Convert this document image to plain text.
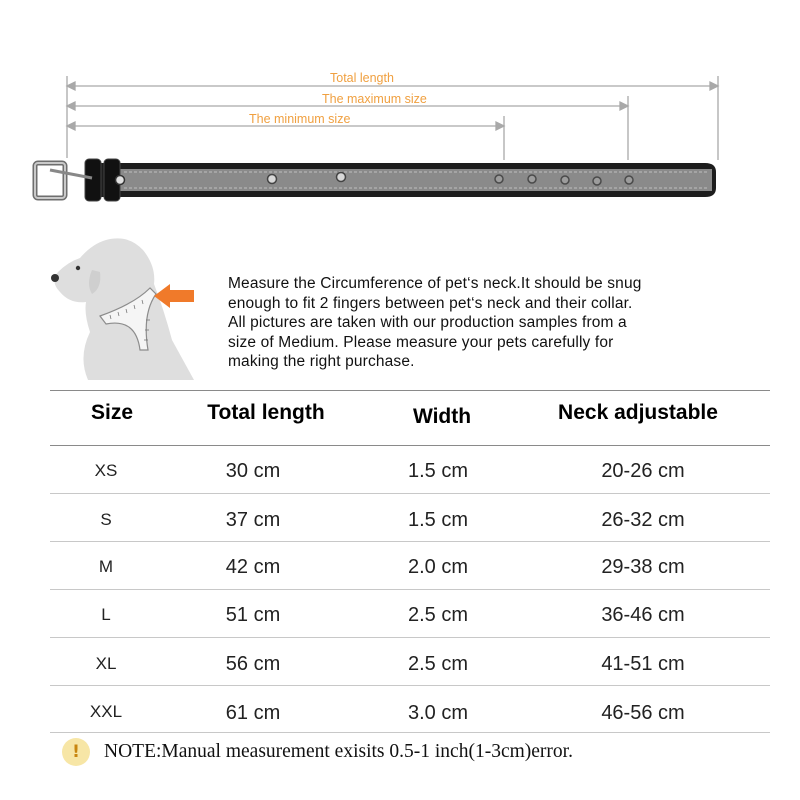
Total length
The maximum size
The minimum size

Measure the Circumference of pet‘s neck.It should be snug

enough to fit 2 fingers between pet‘s neck and their collar.

All pictures are taken with our production samples from a

size of Medium. Please measure your pets carefully for

making the right purchase.

Size	Total length	Width	Neck adjustable
XS	30 cm	1.5 cm	20-26 cm
S	37 cm	1.5 cm	26-32 cm
M	42 cm	2.0 cm	29-38 cm
L	51 cm	2.5 cm	36-46 cm
XL	56 cm	2.5 cm	41-51 cm
XXL	61 cm	3.0 cm	46-56 cm
!	NOTE:Manual measurement exisits 0.5-1 inch(1-3cm)error.
